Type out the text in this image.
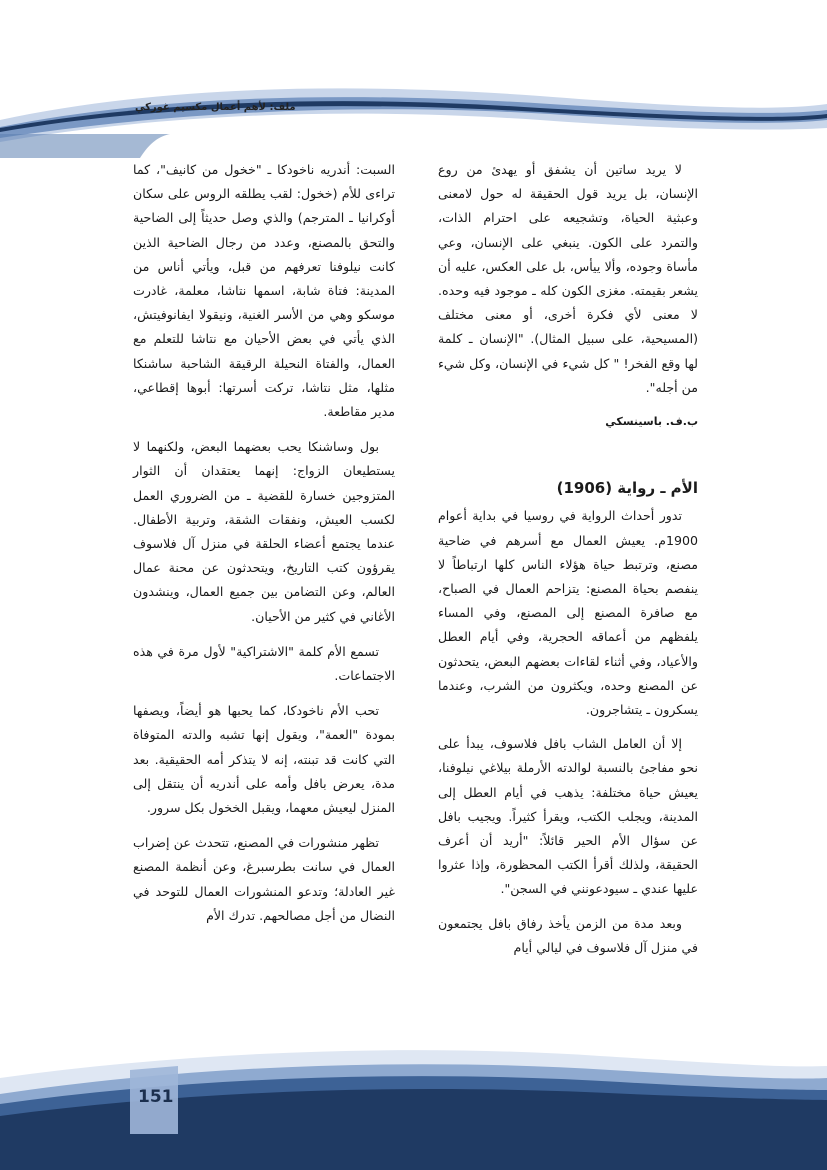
ملف: لأهم أعمال مكسيم غوركي

لا يريد ساتين أن يشفق أو يهدئ من روع الإنسان، بل يريد قول الحقيقة له حول لامعنى وعبثية الحياة، وتشجيعه على احترام الذات، والتمرد على الكون. ينبغي على الإنسان، وعي مأساة وجوده، وألا ييأس، بل على العكس، عليه أن يشعر بقيمته. مغزى الكون كله ـ موجود فيه وحده. لا معنى لأي فكرة أخرى، أو معنى مختلف (المسيحية، على سبيل المثال). "الإنسان ـ كلمة لها وقع الفخر! " كل شيء في الإنسان، وكل شيء من أجله".

ب.ف. باسينسكي

الأم ـ رواية (1906)

تدور أحداث الرواية في روسيا في بداية أعوام 1900م. يعيش العمال مع أسرهم في ضاحية مصنع، وترتبط حياة هؤلاء الناس كلها ارتباطاً لا ينفصم بحياة المصنع: يتزاحم العمال في الصباح، مع صافرة المصنع إلى المصنع، وفي المساء يلفظهم من أعماقه الحجرية، وفي أيام العطل والأعياد، وفي أثناء لقاءات بعضهم البعض، يتحدثون عن المصنع وحده، ويكثرون من الشرب، وعندما يسكرون ـ يتشاجرون.

إلا أن العامل الشاب بافل فلاسوف، يبدأ على نحو مفاجئ بالنسبة لوالدته الأرملة بيلاغي نيلوفنا، يعيش حياة مختلفة: يذهب في أيام العطل إلى المدينة، ويجلب الكتب، ويقرأ كثيراً. ويجيب بافل عن سؤال الأم الحير قائلاً: "أريد أن أعرف الحقيقة، ولذلك أقرأ الكتب المحظورة، وإذا عثروا عليها عندي ـ سيودعونني في السجن".

وبعد مدة من الزمن يأخذ رفاق بافل يجتمعون في منزل آل فلاسوف في ليالي أيام

السبت: أندريه ناخودكا ـ "خخول من كانيف"، كما تراءى للأم (خخول: لقب يطلقه الروس على سكان أوكرانيا ـ المترجم) والذي وصل حديثاً إلى الضاحية والتحق بالمصنع، وعدد من رجال الضاحية الذين كانت نيلوفنا تعرفهم من قبل، ويأتي أناس من المدينة: فتاة شابة، اسمها نتاشا، معلمة، غادرت موسكو وهي من الأسر الغنية، ونيقولا ايفانوفيتش، الذي يأتي في بعض الأحيان مع نتاشا للتعلم مع العمال، والفتاة النحيلة الرقيقة الشاحبة ساشنكا مثلها، مثل نتاشا، تركت أسرتها: أبوها إقطاعي، مدير مقاطعة.

بول وساشنكا يحب بعضهما البعض، ولكنهما لا يستطيعان الزواج: إنهما يعتقدان أن الثوار المتزوجين خسارة للقضية ـ من الضروري العمل لكسب العيش، ونفقات الشقة، وتربية الأطفال. عندما يجتمع أعضاء الحلقة في منزل آل فلاسوف يقرؤون كتب التاريخ، ويتحدثون عن محنة عمال العالم، وعن التضامن بين جميع العمال، وينشدون الأغاني في كثير من الأحيان.

تسمع الأم كلمة "الاشتراكية" لأول مرة في هذه الاجتماعات.

تحب الأم ناخودكا، كما يحبها هو أيضاً، ويصفها بمودة "العمة"، ويقول إنها تشبه والدته المتوفاة التي كانت قد تبنته، إنه لا يتذكر أمه الحقيقية. بعد مدة، يعرض بافل وأمه على أندريه أن ينتقل إلى المنزل ليعيش معهما، ويقبل الخخول بكل سرور.

تظهر منشورات في المصنع، تتحدث عن إضراب العمال في سانت بطرسبرغ، وعن أنظمة المصنع غير العادلة؛ وتدعو المنشورات العمال للتوحد في النضال من أجل مصالحهم. تدرك الأم

151
